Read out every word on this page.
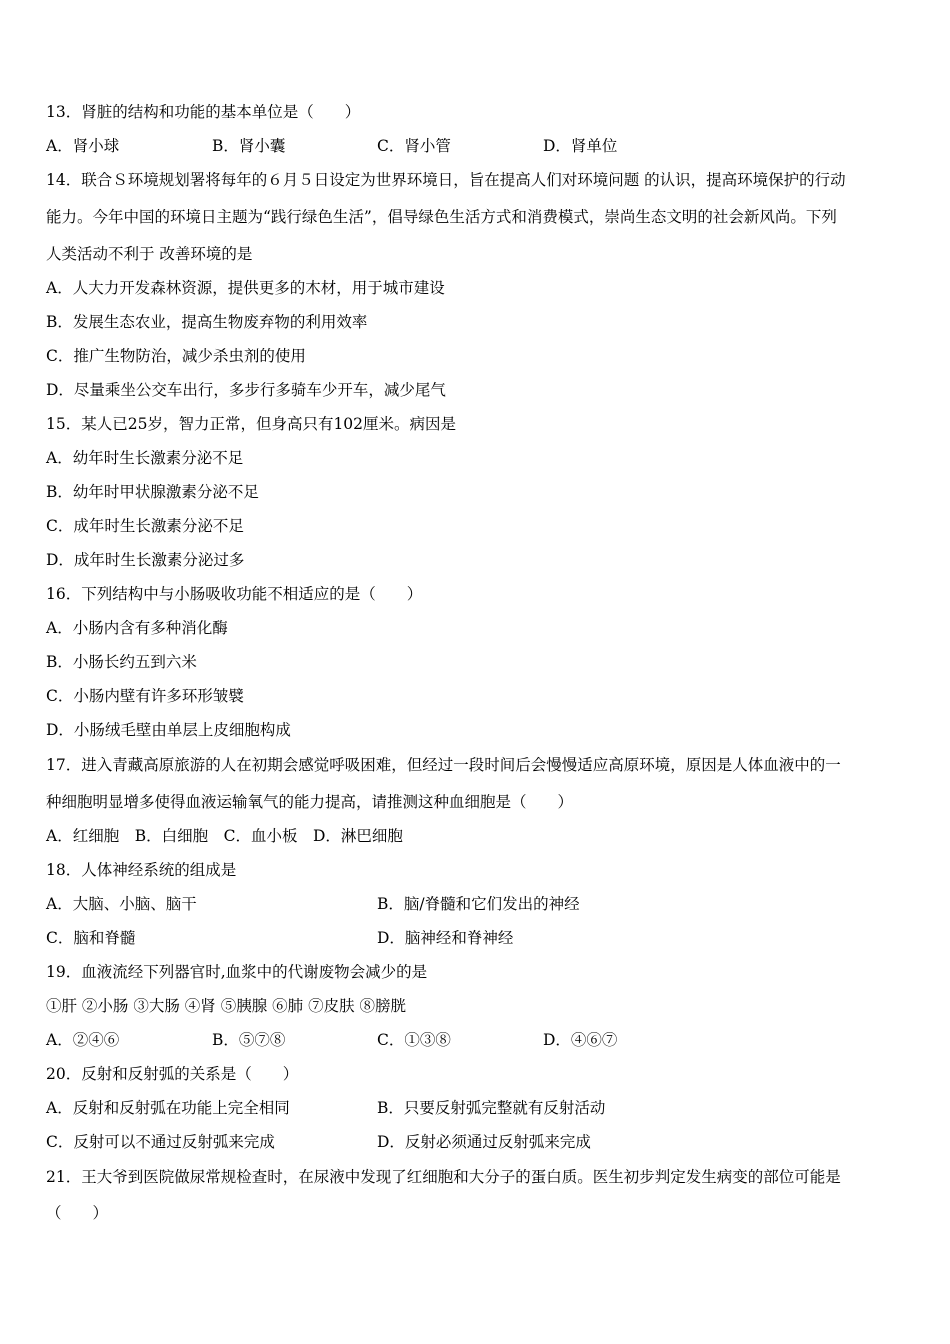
13．肾脏的结构和功能的基本单位是（　　）
A．肾小球	B．肾小囊	C．肾小管	D．肾单位
14．联合Ｓ环境规划署将每年的６月５日设定为世界环境日，旨在提高人们对环境问题 的认识，提高环境保护的行动
能力。今年中国的环境日主题为“践行绿色生活”，倡导绿色生活方式和消费模式，崇尚生态文明的社会新风尚。下列
人类活动不利于 改善环境的是
A．人大力开发森林资源，提供更多的木材，用于城市建设
B．发展生态农业，提高生物废弃物的利用效率
C．推广生物防治，减少杀虫剂的使用
D．尽量乘坐公交车出行，多步行多骑车少开车，减少尾气
15．某人已25岁，智力正常，但身高只有102厘米。病因是
A．幼年时生长激素分泌不足
B．幼年时甲状腺激素分泌不足
C．成年时生长激素分泌不足
D．成年时生长激素分泌过多
16．下列结构中与小肠吸收功能不相适应的是（　　）
A．小肠内含有多种消化酶
B．小肠长约五到六米
C．小肠内壁有许多环形皱襞
D．小肠绒毛壁由单层上皮细胞构成
17．进入青藏高原旅游的人在初期会感觉呼吸困难，但经过一段时间后会慢慢适应高原环境，原因是人体血液中的一
种细胞明显增多使得血液运输氧气的能力提高，请推测这种血细胞是（　　）
A．红细胞　B．白细胞　C．血小板　D．淋巴细胞
18．人体神经系统的组成是
A．大脑、小脑、脑干	B．脑/脊髓和它们发出的神经
C．脑和脊髓	D．脑神经和脊神经
19．血液流经下列器官时,血浆中的代谢废物会减少的是
①肝 ②小肠 ③大肠 ④肾 ⑤胰腺 ⑥肺 ⑦皮肤 ⑧膀胱
A．②④⑥	B．⑤⑦⑧	C．①③⑧	D．④⑥⑦
20．反射和反射弧的关系是（　　）
A．反射和反射弧在功能上完全相同	B．只要反射弧完整就有反射活动
C．反射可以不通过反射弧来完成	D．反射必须通过反射弧来完成
21．王大爷到医院做尿常规检查时，在尿液中发现了红细胞和大分子的蛋白质。医生初步判定发生病变的部位可能是
（　　）
